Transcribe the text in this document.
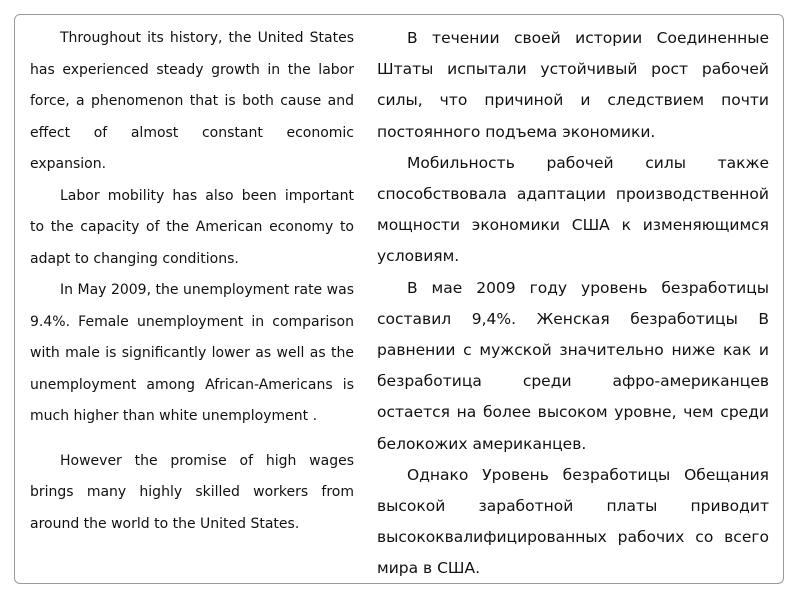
Throughout its history, the United States has experienced steady growth in the labor force, a phenomenon that is both cause and effect of almost constant economic expansion.

Labor mobility has also been important to the capacity of the American economy to adapt to changing conditions.

In May 2009, the unemployment rate was 9.4%. Female unemployment in comparison with male is significantly lower as well as the unemployment among African-Americans is much higher than white unemployment .

However the promise of high wages brings many highly skilled workers from around the world to the United States.

В течении своей истории Соединенные Штаты испытали устойчивый рост рабочей силы, что причиной и следствием почти постоянного подъема экономики.

Мобильность рабочей силы также способствовала адаптации производственной мощности экономики США к изменяющимся условиям.

В мае 2009 году уровень безработицы составил 9,4%. Женская безработицы В равнении с мужской значительно ниже как и безработица среди афро-американцев остается на более высоком уровне, чем среди белокожих американцев.

Однако Уровень безработицы Обещания высокой заработной платы приводит высококвалифицированных рабочих со всего мира в США.
